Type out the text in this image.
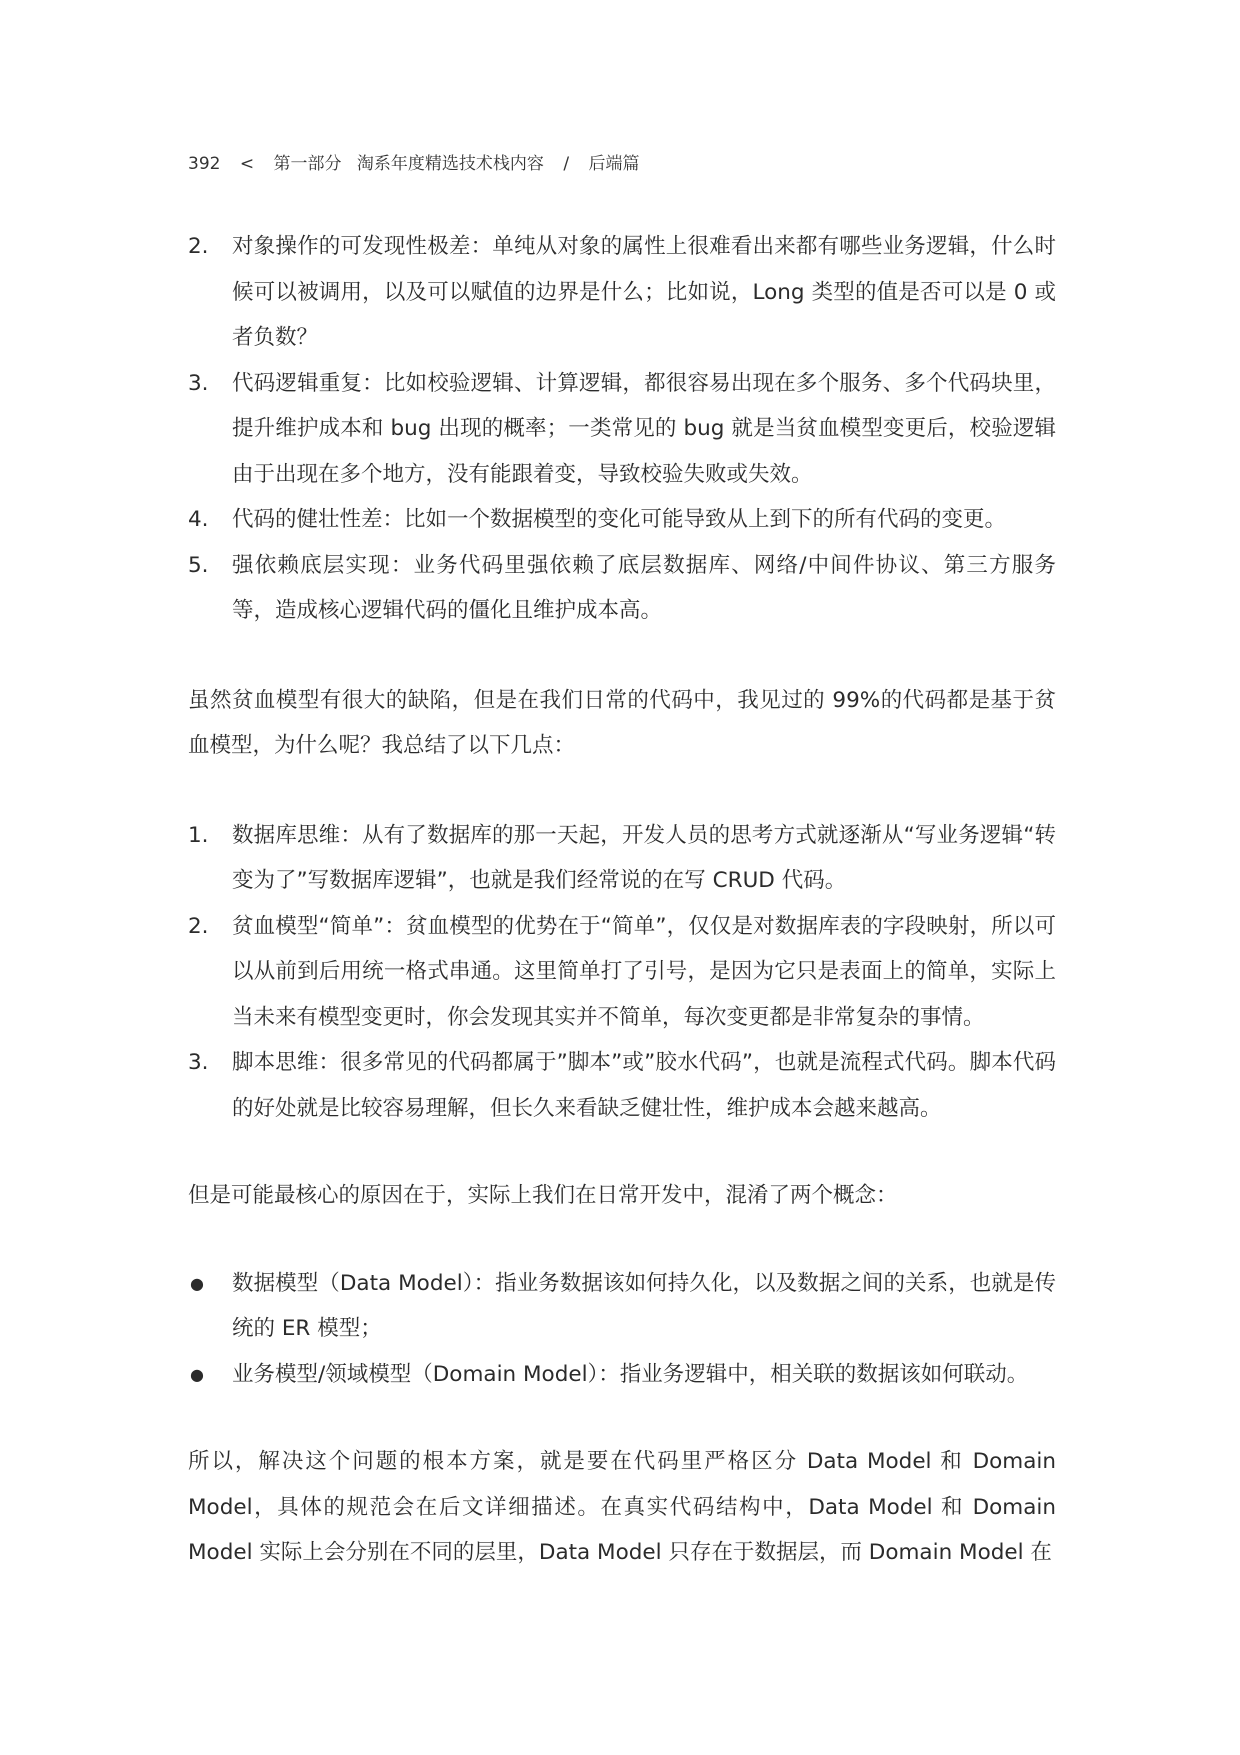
392 < 第一部分 淘系年度精选技术栈内容 / 后端篇
2. 对象操作的可发现性极差：单纯从对象的属性上很难看出来都有哪些业务逻辑，什么时候可以被调用，以及可以赋值的边界是什么；比如说，Long 类型的值是否可以是 0 或者负数？
3. 代码逻辑重复：比如校验逻辑、计算逻辑，都很容易出现在多个服务、多个代码块里，提升维护成本和 bug 出现的概率；一类常见的 bug 就是当贫血模型变更后，校验逻辑由于出现在多个地方，没有能跟着变，导致校验失败或失效。
4. 代码的健壮性差：比如一个数据模型的变化可能导致从上到下的所有代码的变更。
5. 强依赖底层实现：业务代码里强依赖了底层数据库、网络/中间件协议、第三方服务等，造成核心逻辑代码的僵化且维护成本高。

虽然贫血模型有很大的缺陷，但是在我们日常的代码中，我见过的 99%的代码都是基于贫血模型，为什么呢？我总结了以下几点：

1. 数据库思维：从有了数据库的那一天起，开发人员的思考方式就逐渐从“写业务逻辑“转变为了”写数据库逻辑”，也就是我们经常说的在写 CRUD 代码。
2. 贫血模型“简单”：贫血模型的优势在于“简单”，仅仅是对数据库表的字段映射，所以可以从前到后用统一格式串通。这里简单打了引号，是因为它只是表面上的简单，实际上当未来有模型变更时，你会发现其实并不简单，每次变更都是非常复杂的事情。
3. 脚本思维：很多常见的代码都属于”脚本”或”胶水代码”，也就是流程式代码。脚本代码的好处就是比较容易理解，但长久来看缺乏健壮性，维护成本会越来越高。

但是可能最核心的原因在于，实际上我们在日常开发中，混淆了两个概念：

● 数据模型（Data Model）：指业务数据该如何持久化，以及数据之间的关系，也就是传统的 ER 模型；
● 业务模型/领域模型（Domain Model）：指业务逻辑中，相关联的数据该如何联动。

所以，解决这个问题的根本方案，就是要在代码里严格区分 Data Model 和 Domain Model，具体的规范会在后文详细描述。在真实代码结构中，Data Model 和 Domain Model 实际上会分别在不同的层里，Data Model 只存在于数据层，而 Domain Model 在
